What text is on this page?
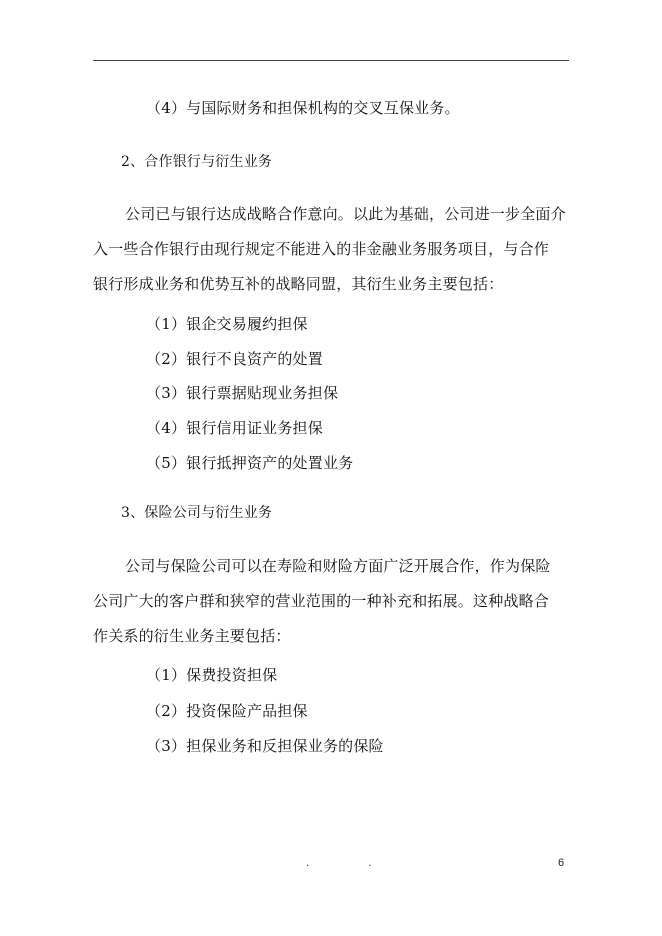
（4）与国际财务和担保机构的交叉互保业务。
2、合作银行与衍生业务
公司已与银行达成战略合作意向。以此为基础，公司进一步全面介
入一些合作银行由现行规定不能进入的非金融业务服务项目，与合作
银行形成业务和优势互补的战略同盟，其衍生业务主要包括：
（1）银企交易履约担保
（2）银行不良资产的处置
（3）银行票据贴现业务担保
（4）银行信用证业务担保
（5）银行抵押资产的处置业务
3、保险公司与衍生业务
公司与保险公司可以在寿险和财险方面广泛开展合作，作为保险
公司广大的客户群和狭窄的营业范围的一种补充和拓展。这种战略合
作关系的衍生业务主要包括：
（1）保费投资担保
（2）投资保险产品担保
（3）担保业务和反担保业务的保险
. .	6
